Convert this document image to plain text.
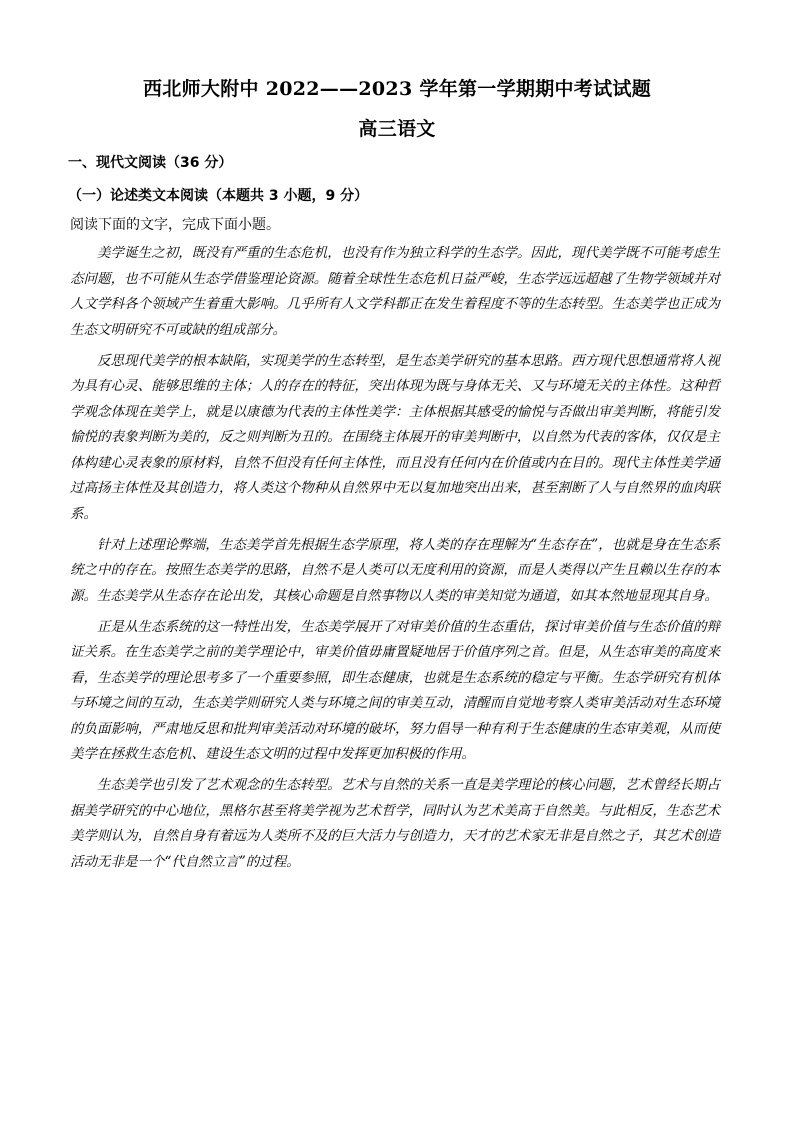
西北师大附中 2022——2023 学年第一学期期中考试试题
高三语文
一、现代文阅读（36 分）
（一）论述类文本阅读（本题共 3 小题，9 分）
阅读下面的文字，完成下面小题。

美学诞生之初，既没有严重的生态危机，也没有作为独立科学的生态学。因此，现代美学既不可能考虑生态问题，也不可能从生态学借鉴理论资源。随着全球性生态危机日益严峻，生态学远远超越了生物学领域并对人文学科各个领域产生着重大影响。几乎所有人文学科都正在发生着程度不等的生态转型。生态美学也正成为生态文明研究不可或缺的组成部分。

反思现代美学的根本缺陷，实现美学的生态转型，是生态美学研究的基本思路。西方现代思想通常将人视为具有心灵、能够思维的主体；人的存在的特征，突出体现为既与身体无关、又与环境无关的主体性。这种哲学观念体现在美学上，就是以康德为代表的主体性美学：主体根据其感受的愉悦与否做出审美判断，将能引发愉悦的表象判断为美的，反之则判断为丑的。在围绕主体展开的审美判断中，以自然为代表的客体，仅仅是主体构建心灵表象的原材料，自然不但没有任何主体性，而且没有任何内在价值或内在目的。现代主体性美学通过高扬主体性及其创造力，将人类这个物种从自然界中无以复加地突出出来，甚至割断了人与自然界的血肉联系。

针对上述理论弊端，生态美学首先根据生态学原理，将人类的存在理解为“生态存在”，也就是身在生态系统之中的存在。按照生态美学的思路，自然不是人类可以无度利用的资源，而是人类得以产生且赖以生存的本源。生态美学从生态存在论出发，其核心命题是自然事物以人类的审美知觉为通道，如其本然地显现其自身。

正是从生态系统的这一特性出发，生态美学展开了对审美价值的生态重估，探讨审美价值与生态价值的辩证关系。在生态美学之前的美学理论中，审美价值毋庸置疑地居于价值序列之首。但是，从生态审美的高度来看，生态美学的理论思考多了一个重要参照，即生态健康，也就是生态系统的稳定与平衡。生态学研究有机体与环境之间的互动，生态美学则研究人类与环境之间的审美互动，清醒而自觉地考察人类审美活动对生态环境的负面影响，严肃地反思和批判审美活动对环境的破坏，努力倡导一种有利于生态健康的生态审美观，从而使美学在拯救生态危机、建设生态文明的过程中发挥更加积极的作用。

生态美学也引发了艺术观念的生态转型。艺术与自然的关系一直是美学理论的核心问题，艺术曾经长期占据美学研究的中心地位，黑格尔甚至将美学视为艺术哲学，同时认为艺术美高于自然美。与此相反，生态艺术美学则认为，自然自身有着远为人类所不及的巨大活力与创造力，天才的艺术家无非是自然之子，其艺术创造活动无非是一个“代自然立言”的过程。
